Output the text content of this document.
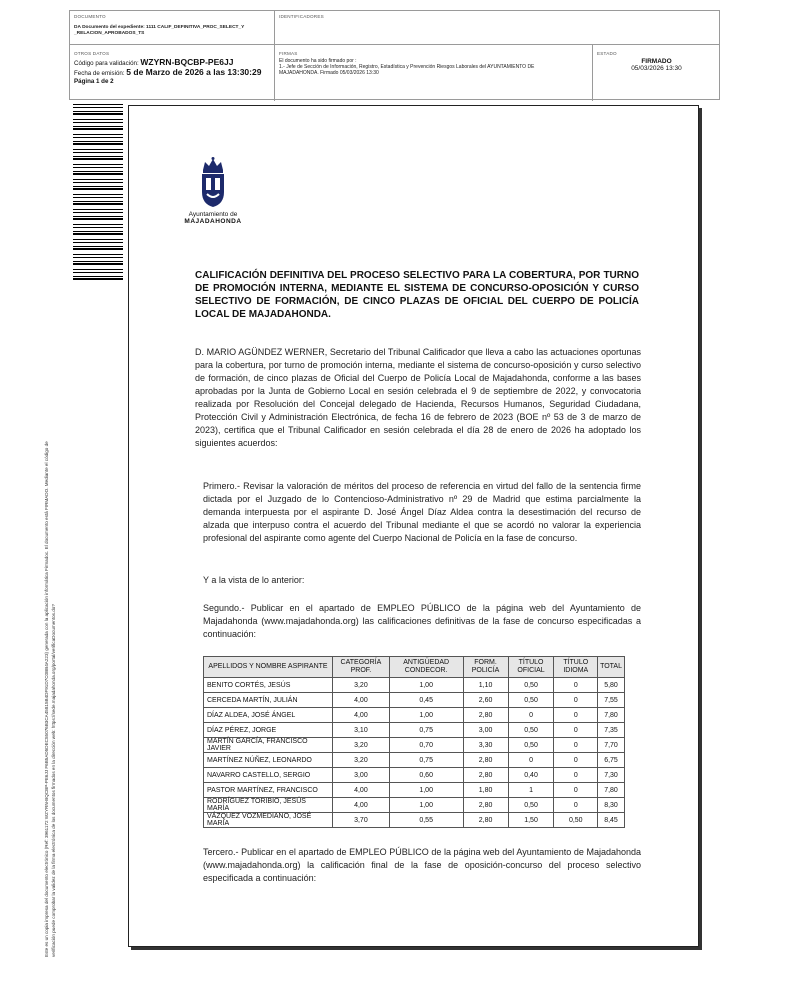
DOCUMENTO
DA Documento del expediente: 1111 CALIF_DEFINITIVA_PROC_SELECT_Y
_RELACION_APROBADOS_TS
IDENTIFICADORES
OTROS DATOS
Código para validación: WZYRN-BQCBP-PE6JJ
Fecha de emisión: 5 de Marzo de 2026 a las 13:30:29
Página 1 de 2
FIRMAS
El documento ha sido firmado por :
1.- Jefe de Sección de Información, Registro, Estadística y Prevención Riesgos Laborales del AYUNTAMIENTO DE
MAJADAHONDA. Firmado 05/03/2026 13:30
ESTADO
FIRMADO
05/03/2026 13:30
Este es un copia impresa del documento electrónico (Ref: 3961172 WZYRN-BQCBP-PE6JJ F6B5AD5DEC55076B3CA45815B4DF91D7C0BB4A223) generada con la aplicación informática Firmadoc. El documento está FIRMADO. Mediante el código de verificación puede comprobar la validez de la firma electrónica de los documentos firmados en la dirección web: https://sede.majadahonda.org/portal/verificaDocumentos.do?
Ayuntamiento de
MAJADAHONDA
CALIFICACIÓN DEFINITIVA DEL PROCESO SELECTIVO PARA LA COBERTURA, POR TURNO DE PROMOCIÓN INTERNA, MEDIANTE EL SISTEMA DE CONCURSO-OPOSICIÓN Y CURSO SELECTIVO DE FORMACIÓN, DE CINCO PLAZAS DE OFICIAL DEL CUERPO DE POLICÍA LOCAL DE MAJADAHONDA.
D. MARIO AGÜNDEZ WERNER, Secretario del Tribunal Calificador que lleva a cabo las actuaciones oportunas para la cobertura, por turno de promoción interna, mediante el sistema de concurso-oposición y curso selectivo de formación, de cinco plazas de Oficial del Cuerpo de Policía Local de Majadahonda, conforme a las bases aprobadas por la Junta de Gobierno Local en sesión celebrada el 9 de septiembre de 2022, y convocatoria realizada por Resolución del Concejal delegado de Hacienda, Recursos Humanos, Seguridad Ciudadana, Protección Civil y Administración Electrónica, de fecha 16 de febrero de 2023 (BOE nº 53 de 3 de marzo de 2023), certifica que el Tribunal Calificador en sesión celebrada el día 28 de enero de 2026 ha adoptado los siguientes acuerdos:
Primero.- Revisar la valoración de méritos del proceso de referencia en virtud del fallo de la sentencia firme dictada por el Juzgado de lo Contencioso-Administrativo nº 29 de Madrid que estima parcialmente la demanda interpuesta por el aspirante D. José Ángel Díaz Aldea contra la desestimación del recurso de alzada que interpuso contra el acuerdo del Tribunal mediante el que se acordó no valorar la experiencia profesional del aspirante como agente del Cuerpo Nacional de Policía en la fase de concurso.
Y a la vista de lo anterior:
Segundo.- Publicar en el apartado de EMPLEO PÚBLICO de la página web del Ayuntamiento de Majadahonda (www.majadahonda.org) las calificaciones definitivas de la fase de concurso especificadas a continuación:
APELLIDOS Y NOMBRE ASPIRANTE	CATEGORÍA PROF.	ANTIGÜEDAD CONDECOR.	FORM. POLICÍA	TÍTULO OFICIAL	TÍTULO IDIOMA	TOTAL
BENITO CORTÉS, JESÚS	3,20	1,00	1,10	0,50	0	5,80
CERCEDA MARTÍN, JULIÁN	4,00	0,45	2,60	0,50	0	7,55
DÍAZ ALDEA, JOSÉ ÁNGEL	4,00	1,00	2,80	0	0	7,80
DÍAZ PÉREZ, JORGE	3,10	0,75	3,00	0,50	0	7,35
MARTÍN GARCÍA, FRANCISCO JAVIER	3,20	0,70	3,30	0,50	0	7,70
MARTÍNEZ NÚÑEZ, LEONARDO	3,20	0,75	2,80	0	0	6,75
NAVARRO CASTELLO, SERGIO	3,00	0,60	2,80	0,40	0	7,30
PASTOR MARTÍNEZ, FRANCISCO	4,00	1,00	1,80	1	0	7,80
RODRÍGUEZ TORIBIO, JESÚS MARÍA	4,00	1,00	2,80	0,50	0	8,30
VÁZQUEZ VOZMEDIANO, JOSÉ MARÍA	3,70	0,55	2,80	1,50	0,50	8,45
Tercero.- Publicar en el apartado de EMPLEO PÚBLICO de la página web del Ayuntamiento de Majadahonda (www.majadahonda.org) la calificación final de la fase de oposición-concurso del proceso selectivo especificada a continuación:
